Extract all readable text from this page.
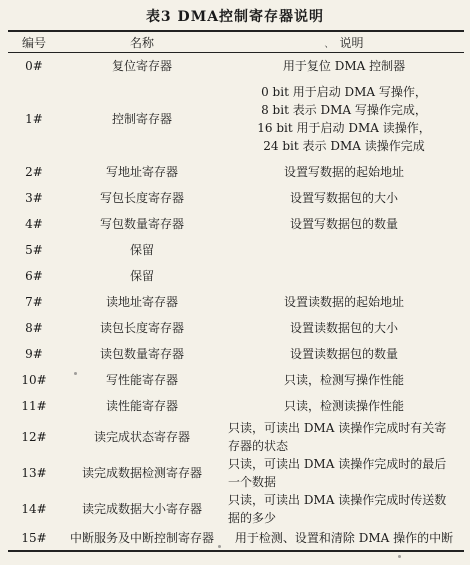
表3 DMA控制寄存器说明
编号	名称	、 说明
0#	复位寄存器	用于复位 DMA 控制器

1#	控制寄存器	0 bit 用于启动 DMA 写操作，
8 bit 表示 DMA 写操作完成，
16 bit 用于启动 DMA 读操作，
24 bit 表示 DMA 读操作完成

2#	写地址寄存器	设置写数据的起始地址

3#	写包长度寄存器	设置写数据包的大小

4#	写包数量寄存器	设置写数据包的数量

5#	保留	
6#	保留	
7#	读地址寄存器	设置读数据的起始地址

8#	读包长度寄存器	设置读数据包的大小

9#	读包数量寄存器	设置读数据包的数量

10#	写性能寄存器	只读，检测写操作性能

11#	读性能寄存器	只读，检测读操作性能

12#	读完成状态寄存器	只读，可读出 DMA 读操作完成时有关寄
存器的状态

13#	读完成数据检测寄存器	只读，可读出 DMA 读操作完成时的最后
一个数据

14#	读完成数据大小寄存器	只读，可读出 DMA 读操作完成时传送数
据的多少

15#	中断服务及中断控制寄存器	用于检测、设置和清除 DMA 操作的中断
